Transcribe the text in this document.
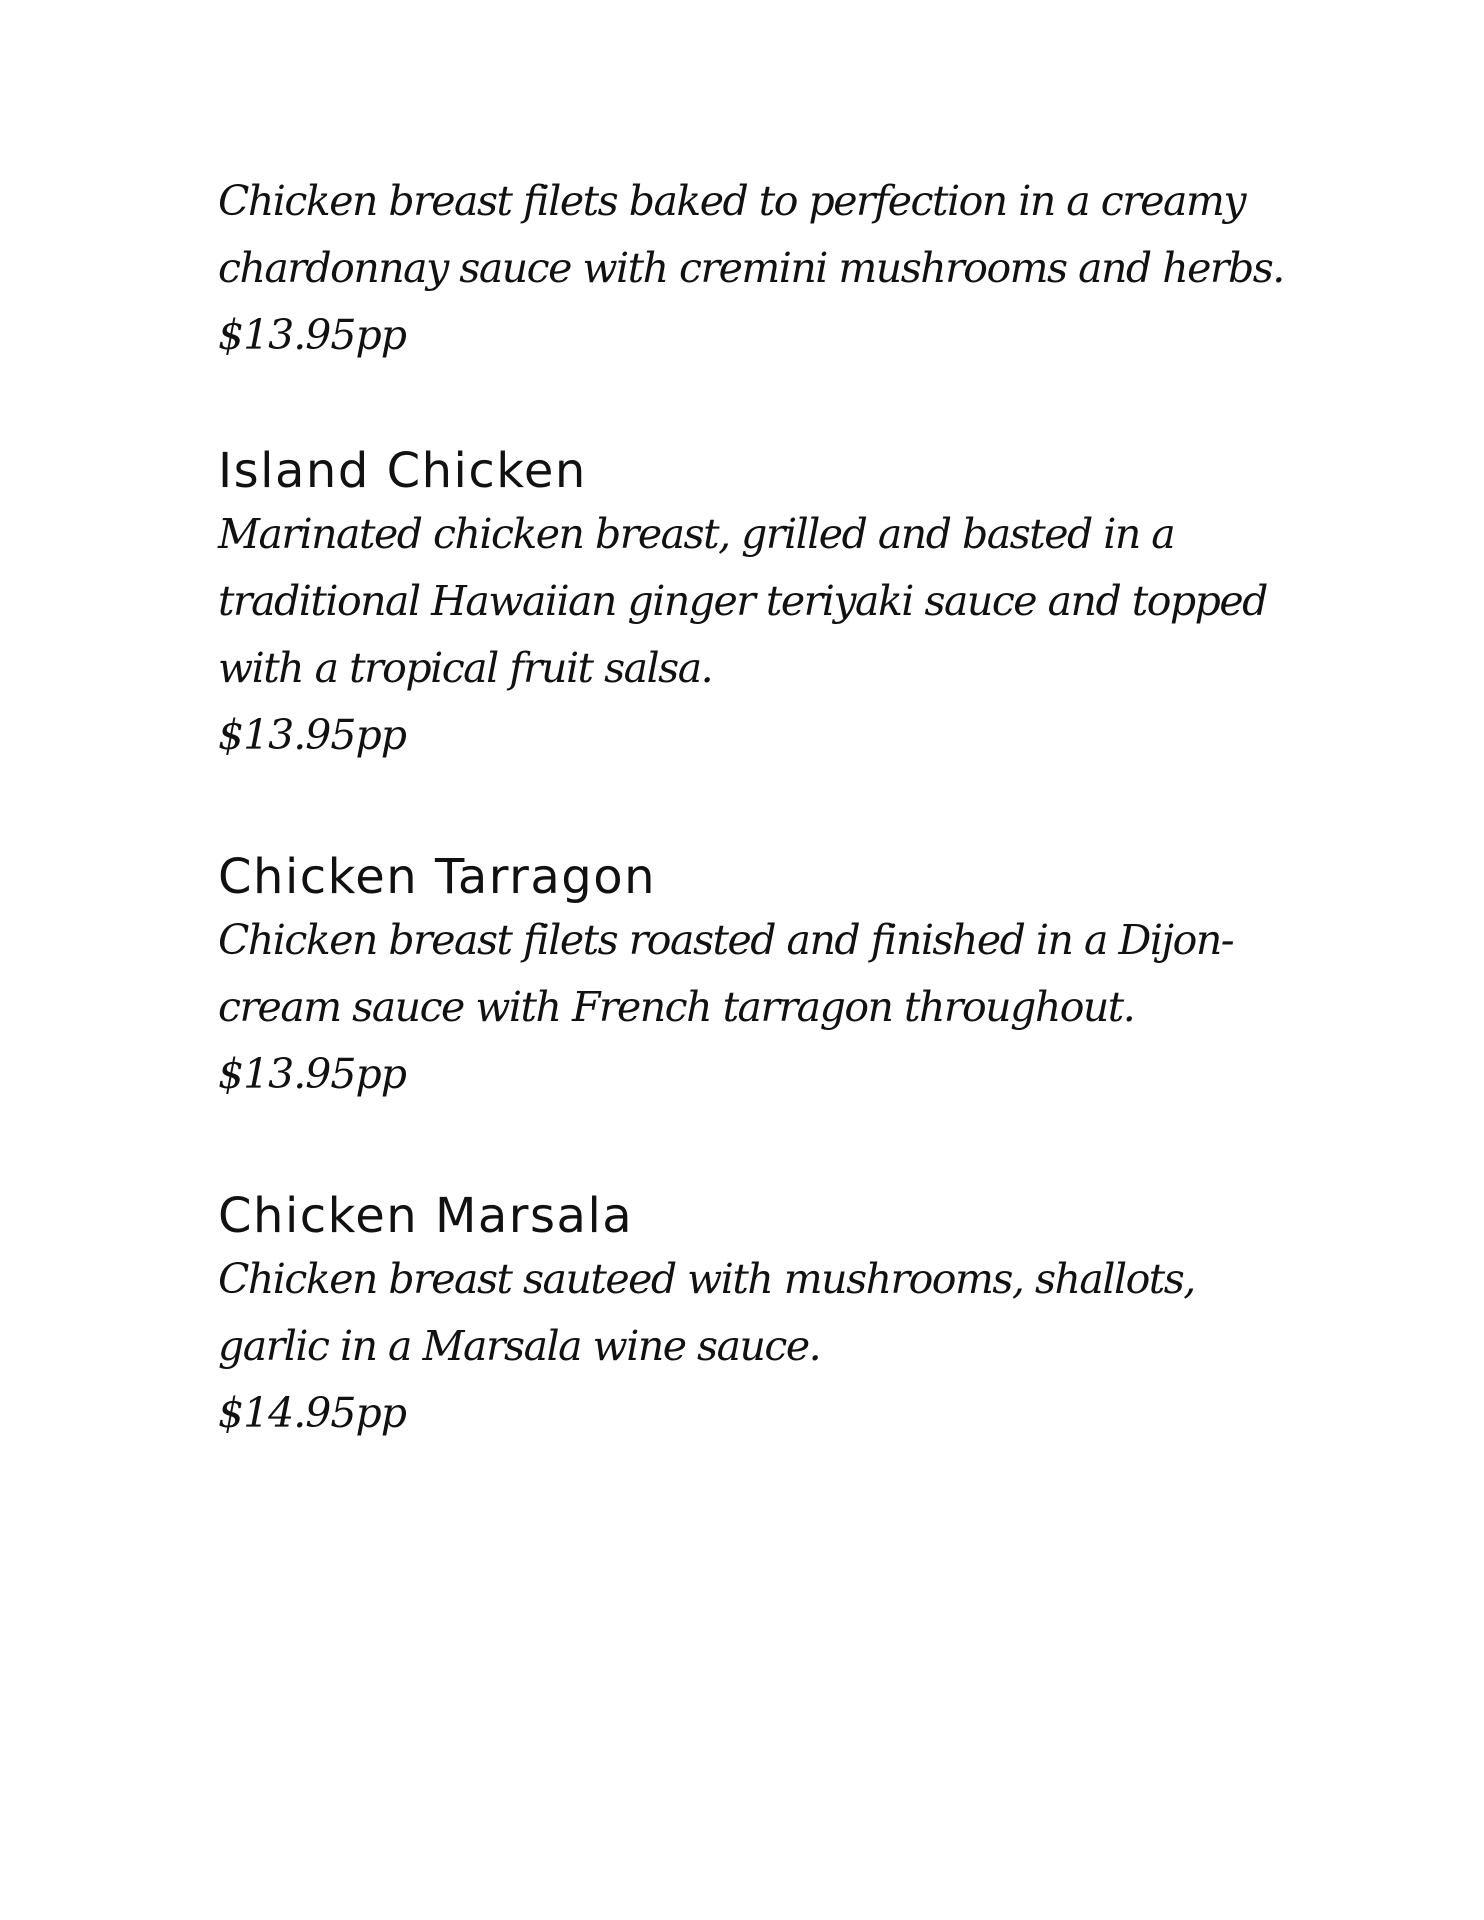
Chicken breast filets baked to perfection in a creamy

chardonnay sauce with cremini mushrooms and herbs.

$13.95pp

Island Chicken

Marinated chicken breast, grilled and basted in a

traditional Hawaiian ginger teriyaki sauce and topped

with a tropical fruit salsa.

$13.95pp

Chicken Tarragon

Chicken breast filets roasted and finished in a Dijon-

cream sauce with French tarragon throughout.

$13.95pp

Chicken Marsala

Chicken breast sauteed with mushrooms, shallots,

garlic in a Marsala wine sauce.

$14.95pp
